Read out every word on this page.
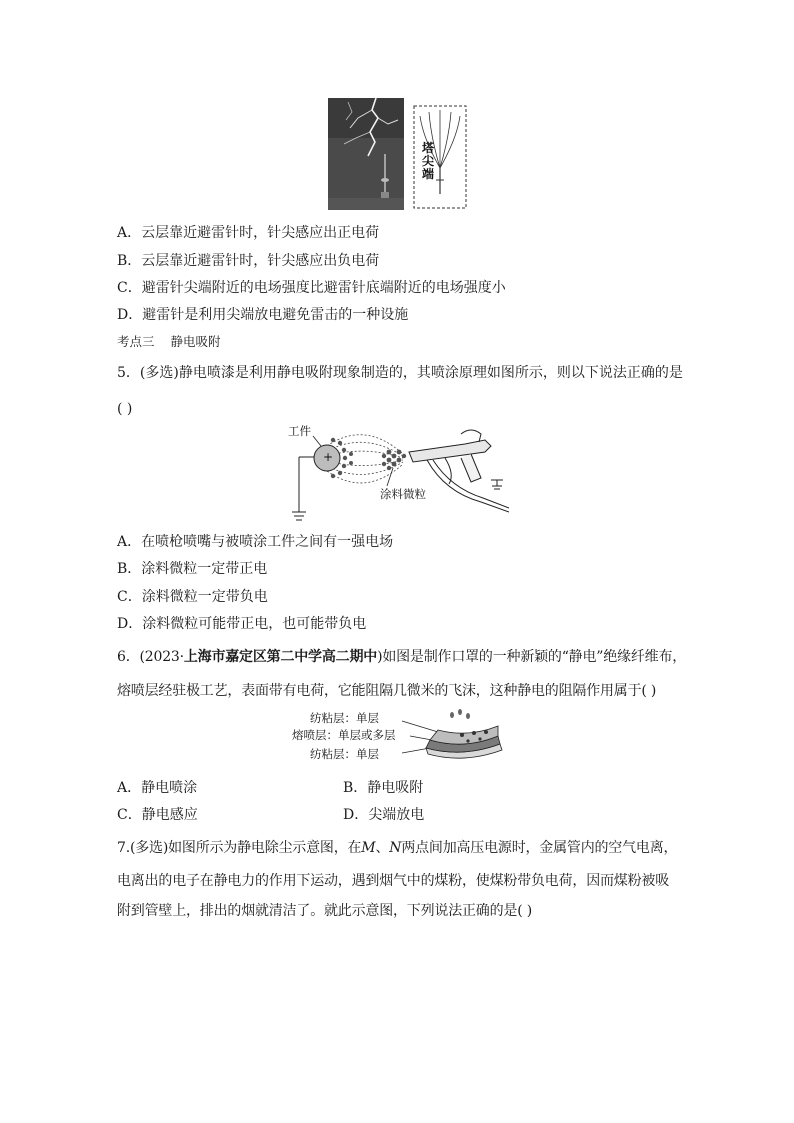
塔尖端
A．云层靠近避雷针时，针尖感应出正电荷
B．云层靠近避雷针时，针尖感应出负电荷
C．避雷针尖端附近的电场强度比避雷针底端附近的电场强度小
D．避雷针是利用尖端放电避免雷击的一种设施
考点三 静电吸附
5．(多选)静电喷漆是利用静电吸附现象制造的，其喷涂原理如图所示，则以下说法正确的是
( )
工件
+
涂料微粒
A．在喷枪喷嘴与被喷涂工件之间有一强电场
B．涂料微粒一定带正电
C．涂料微粒一定带负电
D．涂料微粒可能带正电，也可能带负电
6．(2023·上海市嘉定区第二中学高二期中)如图是制作口罩的一种新颖的“静电”绝缘纤维布，
熔喷层经驻极工艺，表面带有电荷，它能阻隔几微米的飞沫，这种静电的阻隔作用属于( )
纺粘层：单层
熔喷层：单层或多层
纺粘层：单层
A．静电喷涂	B．静电吸附
C．静电感应	D．尖端放电
7.(多选)如图所示为静电除尘示意图，在M、N两点间加高压电源时，金属管内的空气电离，
电离出的电子在静电力的作用下运动，遇到烟气中的煤粉，使煤粉带负电荷，因而煤粉被吸
附到管壁上，排出的烟就清洁了。就此示意图，下列说法正确的是( )
